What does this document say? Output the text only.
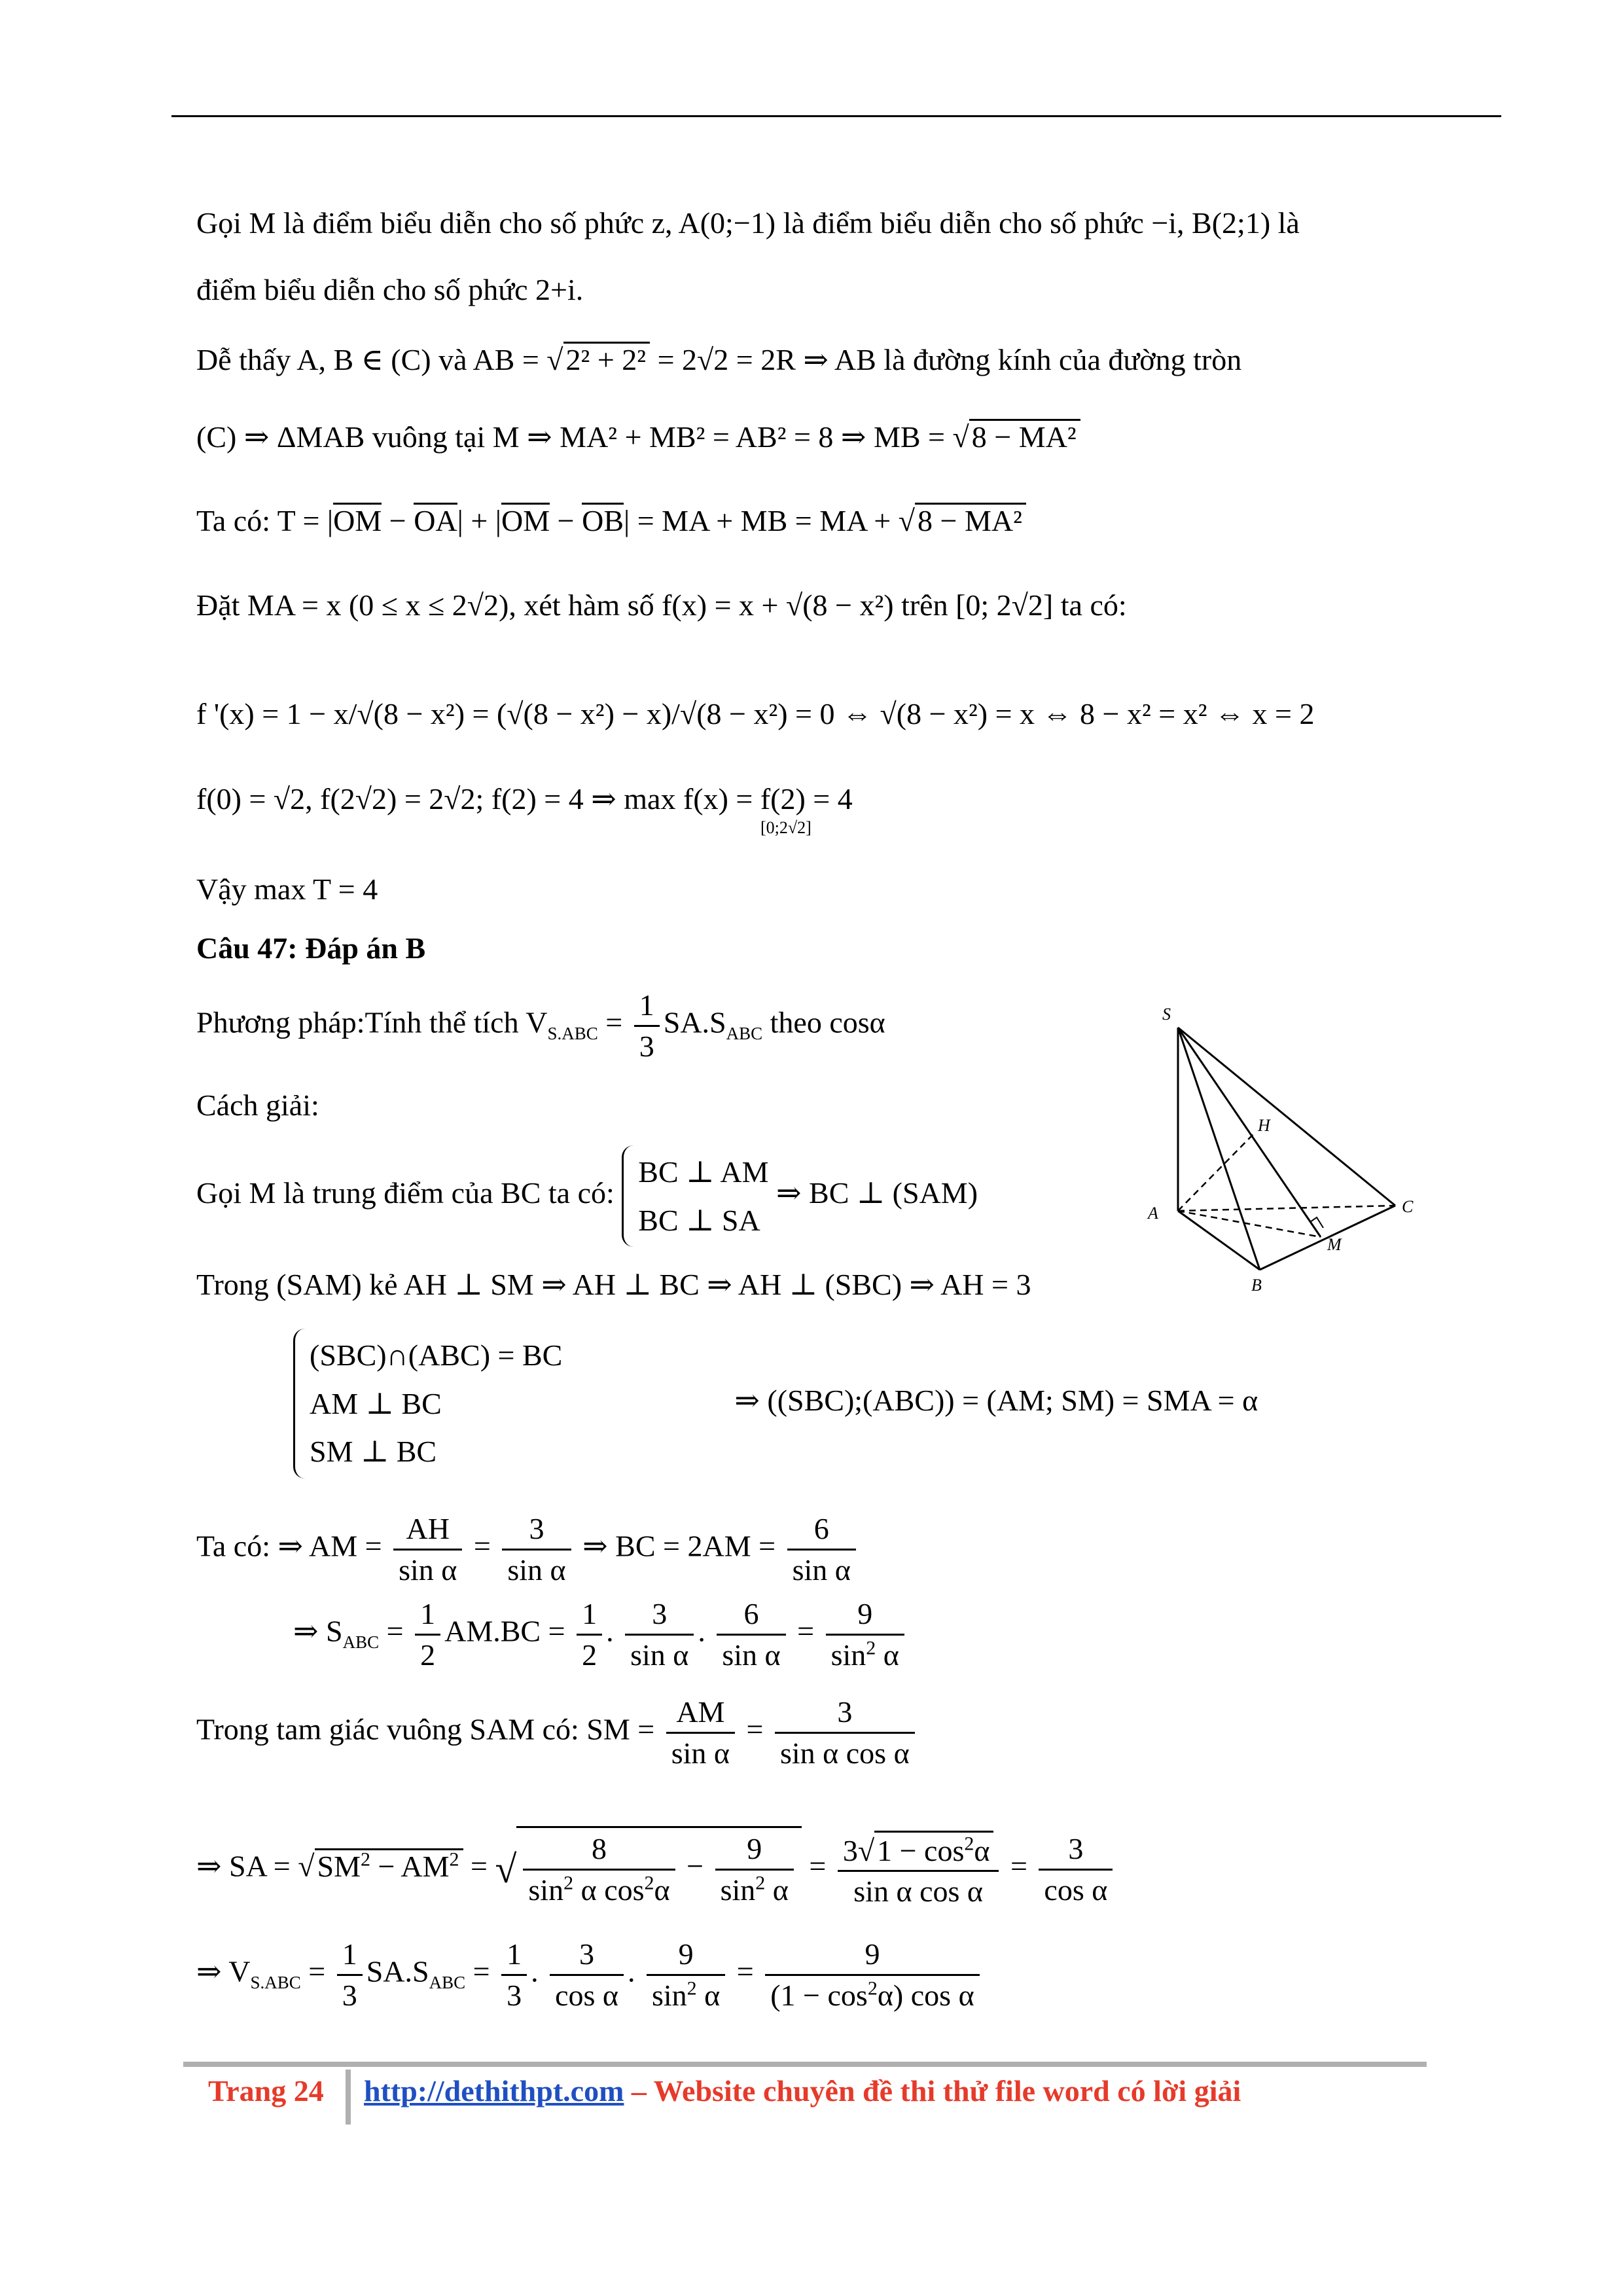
Gọi M là điểm biểu diễn cho số phức z, A(0;−1) là điểm biểu diễn cho số phức −i, B(2;1) là
điểm biểu diễn cho số phức 2+i.
Dễ thấy A, B ∈ (C) và AB = √2² + 2² = 2√2 = 2R ⇒ AB là đường kính của đường tròn
(C) ⇒ ΔMAB vuông tại M ⇒ MA² + MB² = AB² = 8 ⇒ MB = √8 − MA²
Ta có: T = |OM − OA| + |OM − OB| = MA + MB = MA + √8 − MA²
Đặt MA = x (0 ≤ x ≤ 2√2), xét hàm số f(x) = x + √(8 − x²) trên [0; 2√2] ta có:
f '(x) = 1 − x/√(8 − x²) = (√(8 − x²) − x)/√(8 − x²) = 0 ⇔ √(8 − x²) = x ⇔ 8 − x² = x² ⇔ x = 2
f(0) = √2, f(2√2) = 2√2; f(2) = 4 ⇒ max f(x) = f(2) = 4
[0;2√2]
Vậy max T = 4
Câu 47: Đáp án B
Phương pháp:Tính thể tích $V_{S.ABC} = \frac{1}{3} SA.S_{ABC}$ theo cosα
Cách giải:
Gọi M là trung điểm của BC ta có:
BC ⊥ AM
BC ⊥ SA
⇒ BC ⊥ (SAM)
Trong (SAM) kẻ AH ⊥ SM ⇒ AH ⊥ BC ⇒ AH ⊥ (SBC) ⇒ AH = 3
(SBC)∩(ABC) = BC
AM ⊥ BC
SM ⊥ BC
⇒ ((SBC);(ABC)) = (AM; SM) = SMA = α
Ta có: ⇒ AM = $\frac{AH}{\text{sin α}} = \frac{3}{\text{sin α}}$ ⇒ BC = $2AM = \frac{6}{\text{sin α}}$
⇒ $S_{ABC} = \frac{1}{2} AM.BC = \frac{1}{2}$ . $\frac{3}{\text{sin α}}$ . $\frac{6}{\text{sin α}} = \frac{9}{\sin^2 \alpha}$
Trong tam giác vuông SAM có: SM = $\frac{AM}{\text{sin α}} = \frac{3}{\text{sin α cos α}}$
⇒ SA = $√SM^2 - AM^2$ = √ $\frac{8}{\sin^2 \alpha \cos^2\alpha} - \frac{9}{\sin^2 \alpha} = \frac{3√1 - \cos^2\alpha}{\text{sin α cos α}} = \frac{3}{\text{cos α}}$
⇒ $V_{S.ABC} = \frac{1}{3} SA.S_{ABC} = \frac{1}{3}$ . $\frac{3}{\text{cos α}}$ . $\frac{9}{\sin^2 \alpha} = \frac{9}{(1 - \cos^2\alpha) \cos \alpha}$
S
H
A	C
M
B
Trang 24 http://dethithpt.com – Website chuyên đề thi thử file word có lời giải
